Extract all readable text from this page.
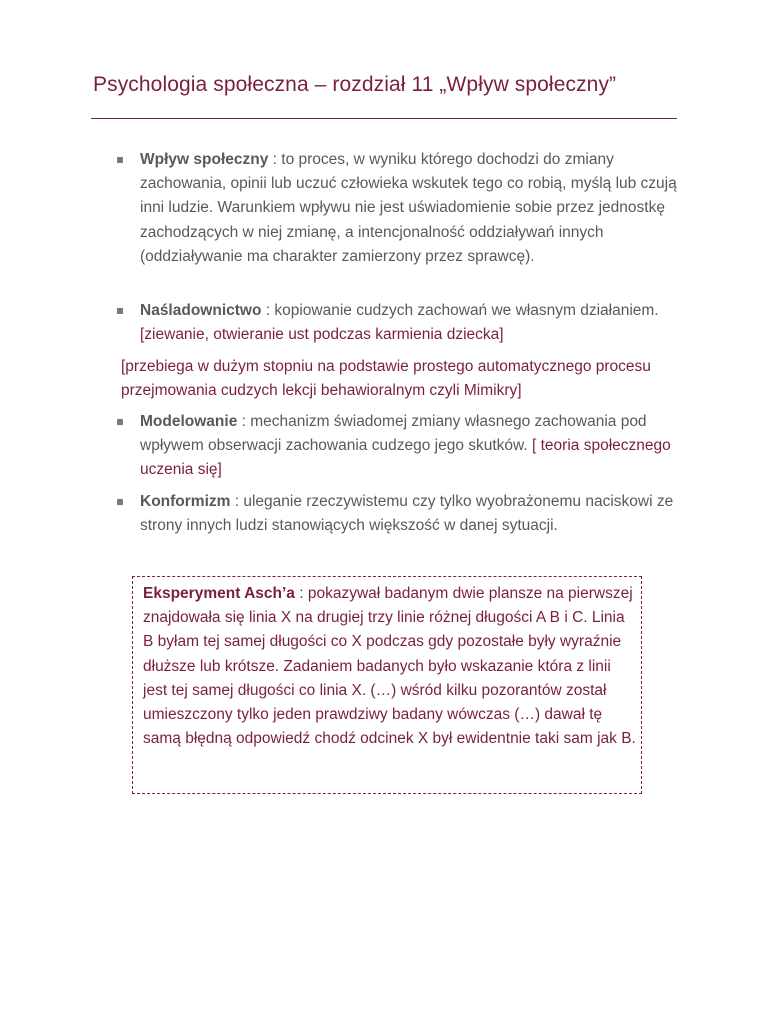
Psychologia społeczna – rozdział 11 „Wpływ społeczny”
Wpływ społeczny : to proces, w wyniku którego dochodzi do zmiany zachowania, opinii lub uczuć człowieka wskutek tego co robią, myślą lub czują inni ludzie. Warunkiem wpływu nie jest uświadomienie sobie przez jednostkę zachodzących w niej zmianę, a intencjonalność oddziaływań innych (oddziaływanie ma charakter zamierzony przez sprawcę).
Naśladownictwo : kopiowanie cudzych zachowań we własnym działaniem. [ziewanie, otwieranie ust podczas karmienia dziecka]
[przebiega w dużym stopniu na podstawie prostego automatycznego procesu przejmowania cudzych lekcji behawioralnym czyli Mimikry]
Modelowanie : mechanizm świadomej zmiany własnego zachowania pod wpływem obserwacji zachowania cudzego jego skutków. [ teoria społecznego uczenia się]
Konformizm : uleganie rzeczywistemu czy tylko wyobrażonemu naciskowi ze strony innych ludzi stanowiących większość w danej sytuacji.
Eksperyment Asch’a : pokazywał badanym dwie plansze na pierwszej znajdowała się linia X na drugiej trzy linie różnej długości A B i C. Linia B byłam tej samej długości co X podczas gdy pozostałe były wyraźnie dłuższe lub krótsze. Zadaniem badanych było wskazanie która z linii jest tej samej długości co linia X. (…) wśród kilku pozorantów został umieszczony tylko jeden prawdziwy badany wówczas (…) dawał tę samą błędną odpowiedź chodź odcinek X był ewidentnie taki sam jak B.
